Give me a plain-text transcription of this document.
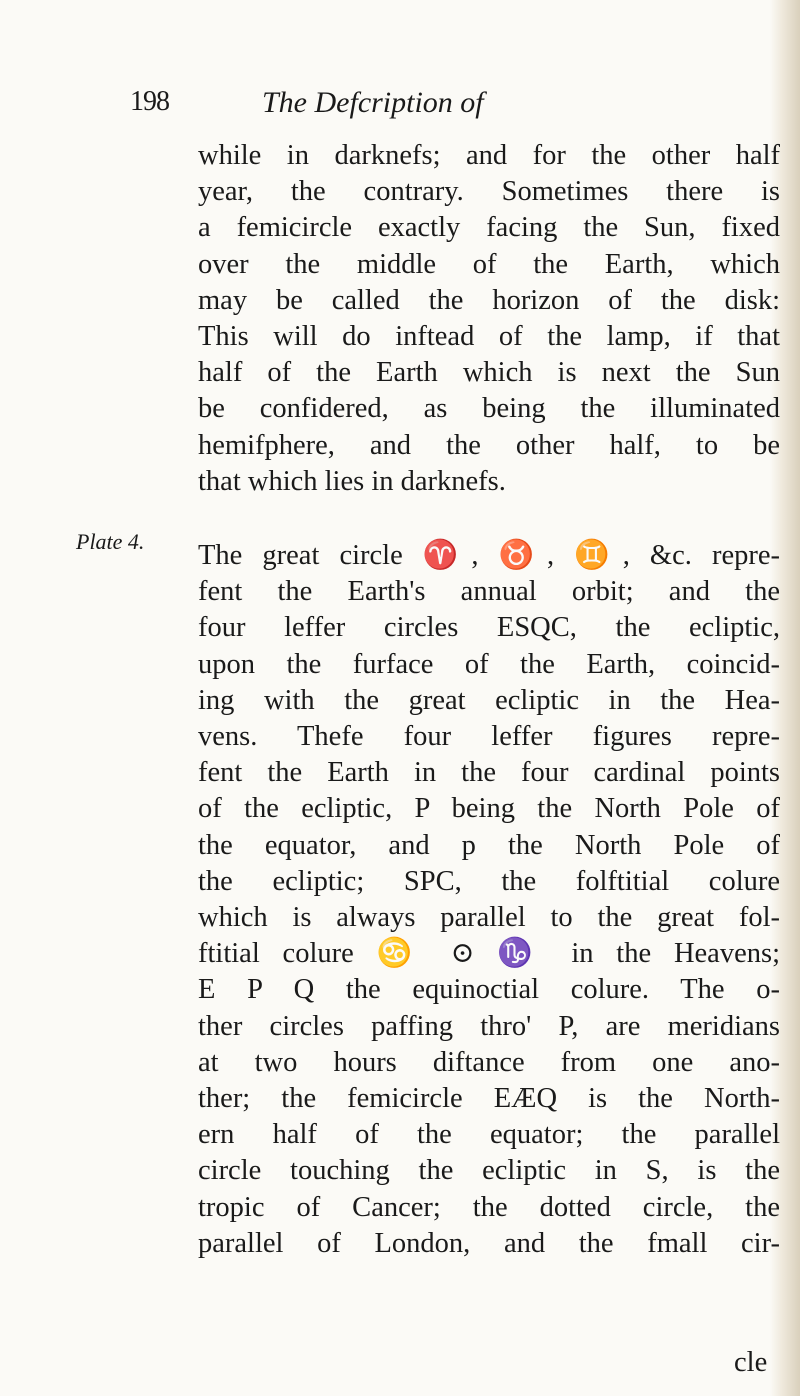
198	The Defcription of
Plate 4.

while in darknefs; and for the other half
year, the contrary. Sometimes there is
a femicircle exactly facing the Sun, fixed
over the middle of the Earth, which
may be called the horizon of the disk:
This will do inftead of the lamp, if that
half of the Earth which is next the Sun
be confidered, as being the illuminated
hemifphere, and the other half, to be
that which lies in darknefs.

The great circle ♈, ♉, ♊, &c. repre-
fent the Earth's annual orbit; and the
four leffer circles ESQC, the ecliptic,
upon the furface of the Earth, coincid-
ing with the great ecliptic in the Hea-
vens. Thefe four leffer figures repre-
fent the Earth in the four cardinal points
of the ecliptic, P being the North Pole of
the equator, and p the North Pole of
the ecliptic; SPC, the folftitial colure
which is always parallel to the great fol-
ftitial colure ♋ ⊙ ♑ in the Heavens;
E P Q the equinoctial colure. The o-
ther circles paffing thro' P, are meridians
at two hours diftance from one ano-
ther; the femicircle EÆQ is the North-
ern half of the equator; the parallel
circle touching the ecliptic in S, is the
tropic of Cancer; the dotted circle, the
parallel of London, and the fmall cir-

cle
